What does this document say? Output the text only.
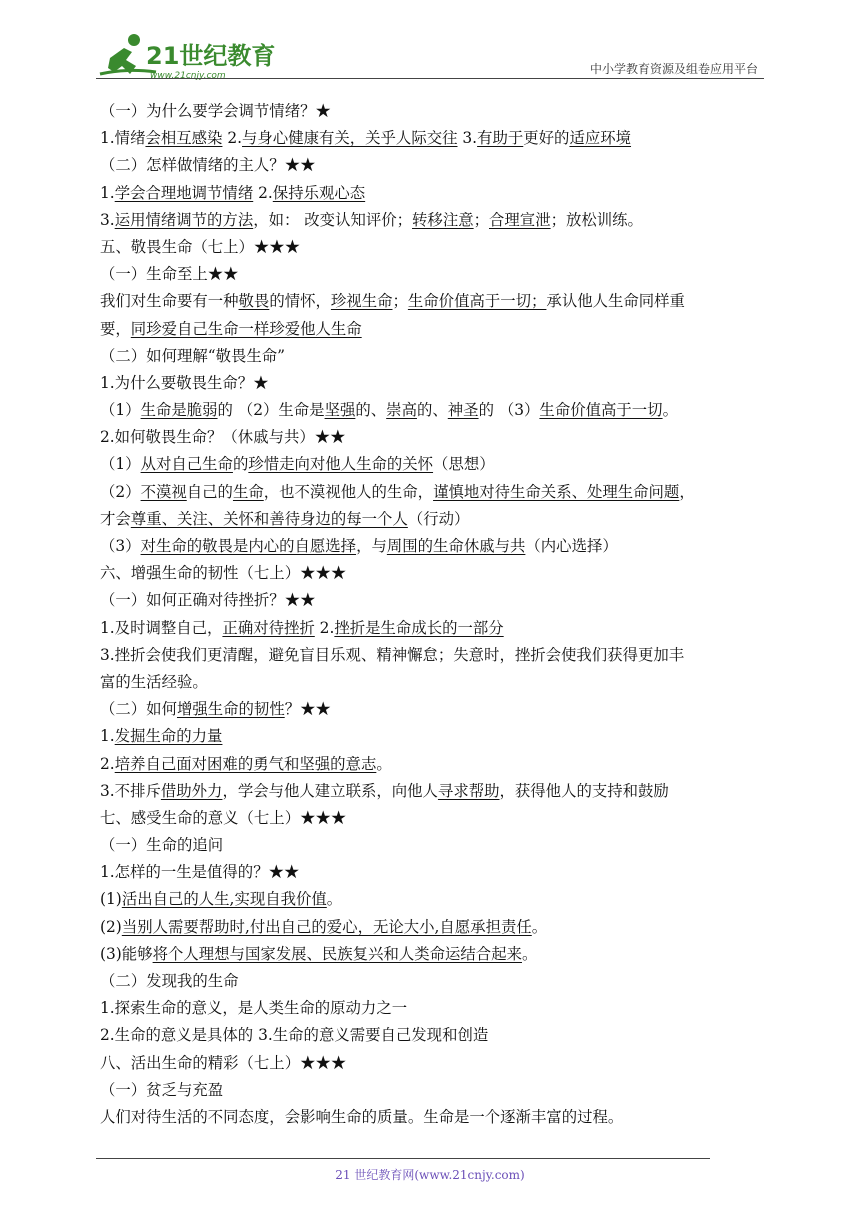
21世纪教育
www.21cnjy.com	中小学教育资源及组卷应用平台
（一）为什么要学会调节情绪？★
1.情绪会相互感染 2.与身心健康有关，关乎人际交往 3.有助于更好的适应环境
（二）怎样做情绪的主人？★★
1.学会合理地调节情绪 2.保持乐观心态
3.运用情绪调节的方法，如： 改变认知评价；转移注意；合理宣泄；放松训练。
五、敬畏生命（七上）★★★
（一）生命至上★★
我们对生命要有一种敬畏的情怀，珍视生命；生命价值高于一切；承认他人生命同样重
要，同珍爱自己生命一样珍爱他人生命
（二）如何理解“敬畏生命”
1.为什么要敬畏生命？★
（1）生命是脆弱的 （2）生命是坚强的、崇高的、神圣的 （3）生命价值高于一切。
2.如何敬畏生命？（休戚与共）★★
（1）从对自己生命的珍惜走向对他人生命的关怀（思想）
（2）不漠视自己的生命，也不漠视他人的生命，谨慎地对待生命关系、处理生命问题，
才会尊重、关注、关怀和善待身边的每一个人（行动）
（3）对生命的敬畏是内心的自愿选择，与周围的生命休戚与共（内心选择）
六、增强生命的韧性（七上）★★★
（一）如何正确对待挫折？★★
1.及时调整自己，正确对待挫折 2.挫折是生命成长的一部分
3.挫折会使我们更清醒，避免盲目乐观、精神懈怠；失意时，挫折会使我们获得更加丰
富的生活经验。
（二）如何增强生命的韧性？★★
1.发掘生命的力量
2.培养自己面对困难的勇气和坚强的意志。
3.不排斥借助外力，学会与他人建立联系，向他人寻求帮助，获得他人的支持和鼓励
七、感受生命的意义（七上）★★★
（一）生命的追问
1.怎样的一生是值得的？★★
(1)活出自己的人生,实现自我价值。
(2)当别人需要帮助时,付出自己的爱心，无论大小,自愿承担责任。
(3)能够将个人理想与国家发展、民族复兴和人类命运结合起来。
（二）发现我的生命
1.探索生命的意义，是人类生命的原动力之一
2.生命的意义是具体的 3.生命的意义需要自己发现和创造
八、活出生命的精彩（七上）★★★
（一）贫乏与充盈
人们对待生活的不同态度，会影响生命的质量。生命是一个逐渐丰富的过程。
21 世纪教育网(www.21cnjy.com)
